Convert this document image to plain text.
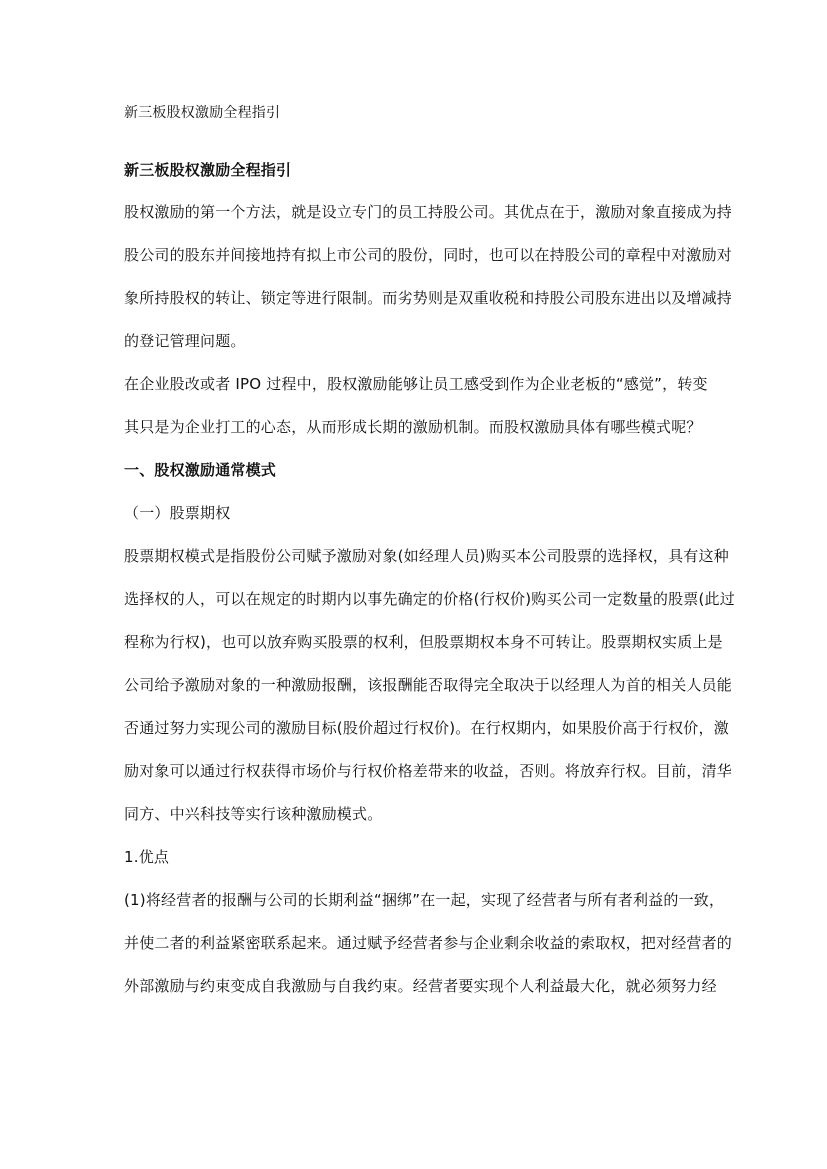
新三板股权激励全程指引
新三板股权激励全程指引
股权激励的第一个方法，就是设立专门的员工持股公司。其优点在于，激励对象直接成为持
股公司的股东并间接地持有拟上市公司的股份，同时，也可以在持股公司的章程中对激励对
象所持股权的转让、锁定等进行限制。而劣势则是双重收税和持股公司股东进出以及增减持
的登记管理问题。
在企业股改或者 IPO 过程中，股权激励能够让员工感受到作为企业老板的“感觉”，转变
其只是为企业打工的心态，从而形成长期的激励机制。而股权激励具体有哪些模式呢？
一、股权激励通常模式
（一）股票期权
股票期权模式是指股份公司赋予激励对象(如经理人员)购买本公司股票的选择权，具有这种
选择权的人，可以在规定的时期内以事先确定的价格(行权价)购买公司一定数量的股票(此过
程称为行权)，也可以放弃购买股票的权利，但股票期权本身不可转让。股票期权实质上是
公司给予激励对象的一种激励报酬，该报酬能否取得完全取决于以经理人为首的相关人员能
否通过努力实现公司的激励目标(股价超过行权价)。在行权期内，如果股价高于行权价，激
励对象可以通过行权获得市场价与行权价格差带来的收益，否则。将放弃行权。目前，清华
同方、中兴科技等实行该种激励模式。
1.优点
(1)将经营者的报酬与公司的长期利益“捆绑”在一起，实现了经营者与所有者利益的一致，
并使二者的利益紧密联系起来。通过赋予经营者参与企业剩余收益的索取权，把对经营者的
外部激励与约束变成自我激励与自我约束。经营者要实现个人利益最大化，就必须努力经
